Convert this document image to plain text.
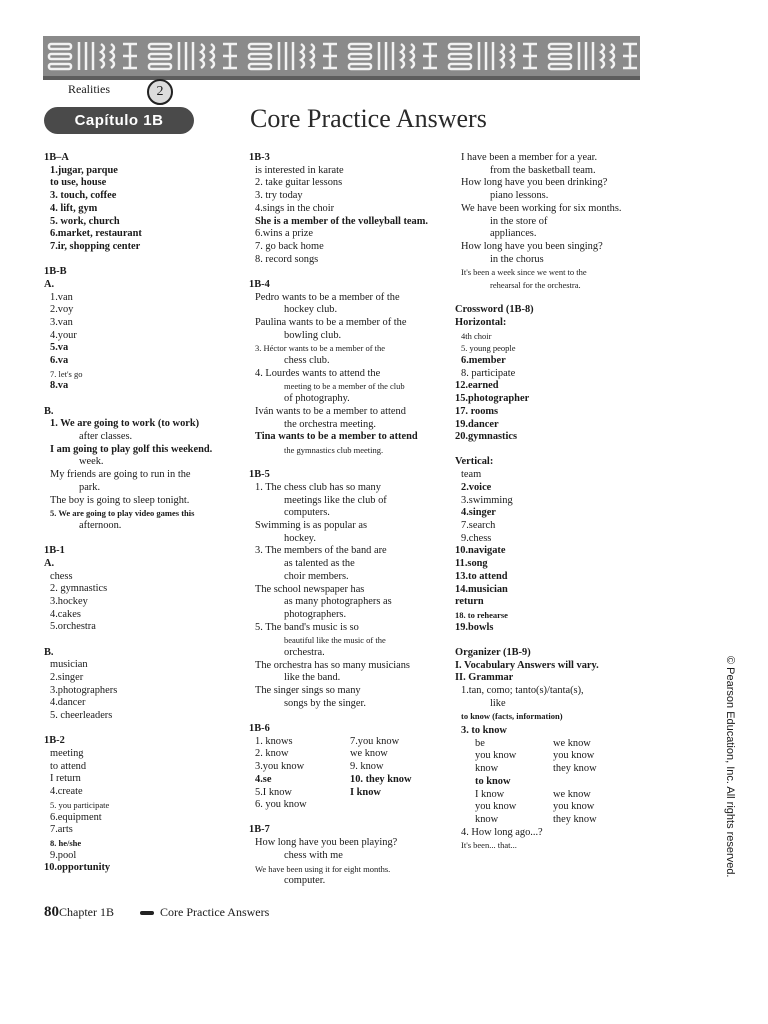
Realities	2
Capítulo 1B	Core Practice Answers
1B–A
1.jugar, parque
to use, house
3. touch, coffee
4. lift, gym
5. work, church
6.market, restaurant
7.ir, shopping center
1B-B
A.
1.van
2.voy
3.van
4.your
5.va
6.va
7. let's go
8.va
B.
1. We are going to work (to work)
after classes.
I am going to play golf this weekend.
week.
My friends are going to run in the
park.
The boy is going to sleep tonight.
5. We are going to play video games this
afternoon.
1B-1
A.
chess
2. gymnastics
3.hockey
4.cakes
5.orchestra
B.
musician
2.singer
3.photographers
4.dancer
5. cheerleaders
1B-2
meeting
to attend
I return
4.create
5. you participate
6.equipment
7.arts
8. he/she
9.pool
10.opportunity
1B-3
is interested in karate
2. take guitar lessons
3. try today
4.sings in the choir
She is a member of the volleyball team.
6.wins a prize
7. go back home
8. record songs
1B-4
Pedro wants to be a member of the
hockey club.
Paulina wants to be a member of the
bowling club.
3. Héctor wants to be a member of the
chess club.
4. Lourdes wants to attend the
meeting to be a member of the club
of photography.
Iván wants to be a member to attend
the orchestra meeting.
Tina wants to be a member to attend
the gymnastics club meeting.
1B-5
1. The chess club has so many
meetings like the club of
computers.
Swimming is as popular as
hockey.
3. The members of the band are
as talented as the
choir members.
The school newspaper has
as many photographers as
photographers.
5. The band's music is so
beautiful like the music of the
orchestra.
The orchestra has so many musicians
like the band.
The singer sings so many
songs by the singer.
1B-6
1. knows	7.you know
2. know	we know
3.you know	9. know
4.se	10. they know
5.I know	I know
6. you know
1B-7
How long have you been playing?
chess with me
We have been using it for eight months.
computer.
I have been a member for a year.
from the basketball team.
How long have you been drinking?
piano lessons.
We have been working for six months.
in the store of
appliances.
How long have you been singing?
in the chorus
It's been a week since we went to the
rehearsal for the orchestra.
Crossword (1B-8)
Horizontal:
4th choir
5. young people
6.member
8. participate
12.earned
15.photographer
17. rooms
19.dancer
20.gymnastics
Vertical:
team
2.voice
3.swimming
4.singer
7.search
9.chess
10.navigate
11.song
13.to attend
14.musician
return
18. to rehearse
19.bowls
Organizer (1B-9)
I. Vocabulary Answers will vary.
II. Grammar
1.tan, como; tanto(s)/tanta(s),
like
to know (facts, information)
3. to know
be	we know
you know	you know
know	they know
to know
I know	we know
you know	you know
know	they know
4. How long ago...?
It's been... that...
80Chapter 1B	Core Practice Answers
© Pearson Education, Inc. All rights reserved.
